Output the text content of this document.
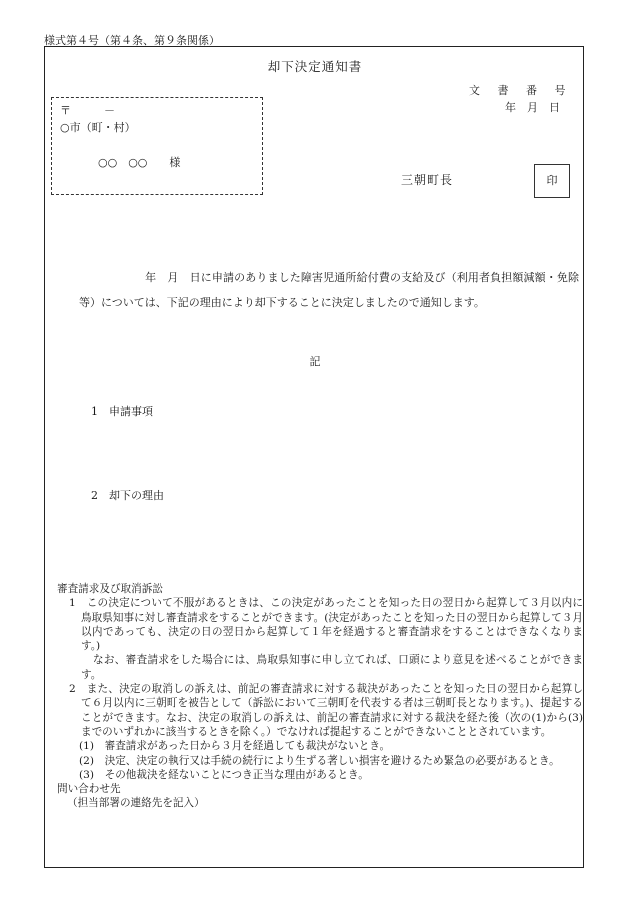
様式第４号（第４条、第９条関係）
却下決定通知書
文 書 番 号
年　月　日
〒　　　－
○市（町・村）
○○　○○　　様
三朝町長	印
年　月　日に申請のありました障害児通所給付費の支給及び（利用者負担額減額・免除等）については、下記の理由により却下することに決定しましたので通知します。
記
1　申請事項
2　却下の理由

審査請求及び取消訴訟

1　この決定について不服があるときは、この決定があったことを知った日の翌日から起算して３月以内に鳥取県知事に対し審査請求をすることができます。(決定があったことを知った日の翌日から起算して３月以内であっても、決定の日の翌日から起算して１年を経過すると審査請求をすることはできなくなります。)

なお、審査請求をした場合には、鳥取県知事に申し立てれば、口頭により意見を述べることができます。

2　また、決定の取消しの訴えは、前記の審査請求に対する裁決があったことを知った日の翌日から起算して６月以内に三朝町を被告として（訴訟において三朝町を代表する者は三朝町長となります。)、提起することができます。なお、決定の取消しの訴えは、前記の審査請求に対する裁決を経た後（次の(1)から(3)までのいずれかに該当するときを除く。）でなければ提起することができないこととされています。

(1)　審査請求があった日から３月を経過しても裁決がないとき。

(2)　決定、決定の執行又は手続の続行により生ずる著しい損害を避けるため緊急の必要があるとき。

(3)　その他裁決を経ないことにつき正当な理由があるとき。

問い合わせ先

（担当部署の連絡先を記入）
